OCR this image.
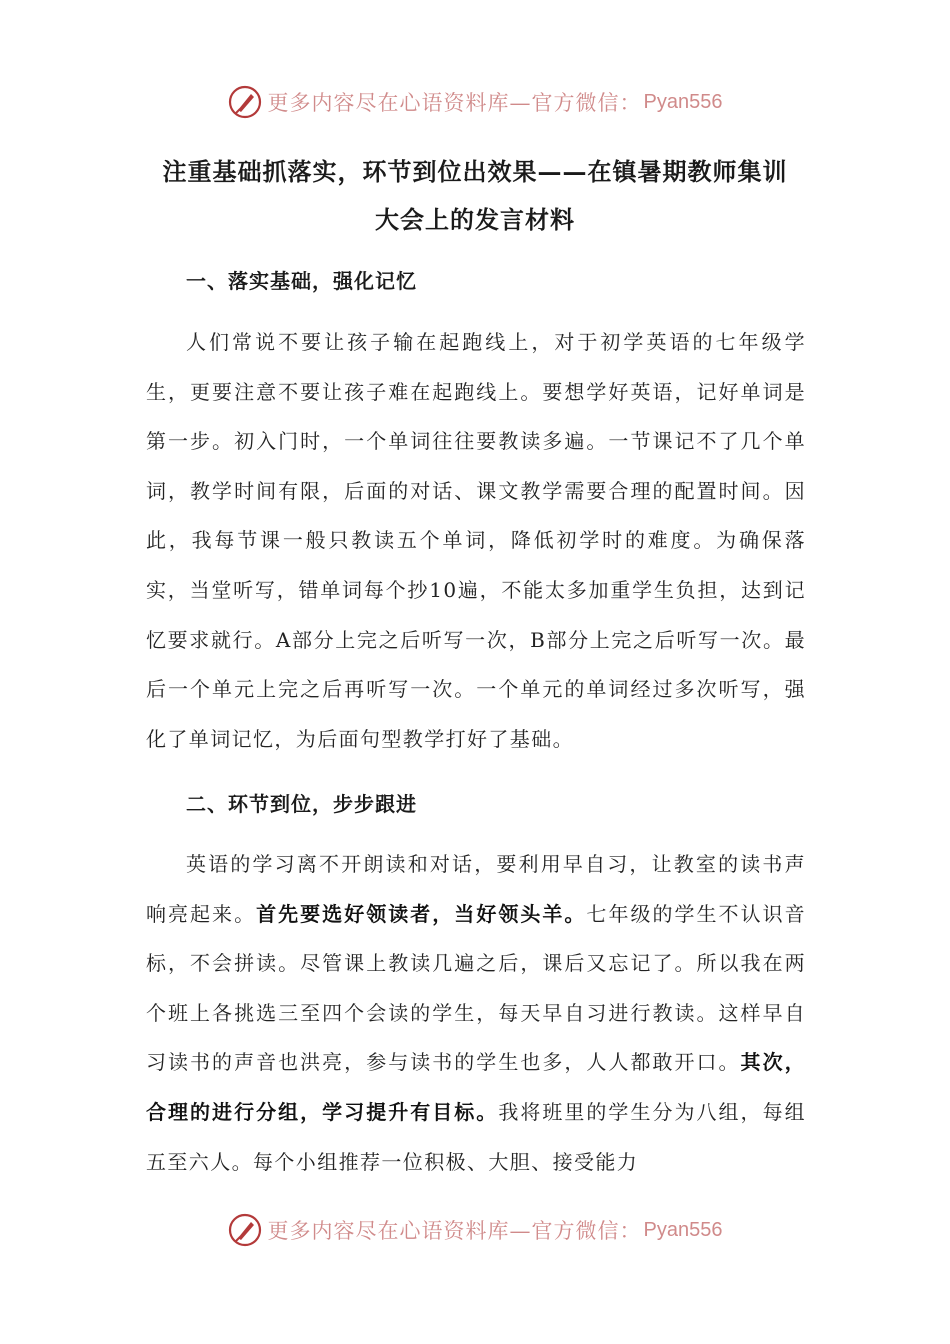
更多内容尽在心语资料库—官方微信： Pyan556
注重基础抓落实，环节到位出效果——在镇暑期教师集训
大会上的发言材料
一、落实基础，强化记忆

人们常说不要让孩子输在起跑线上，对于初学英语的七年级学生，更要注意不要让孩子难在起跑线上。要想学好英语，记好单词是第一步。初入门时，一个单词往往要教读多遍。一节课记不了几个单词，教学时间有限，后面的对话、课文教学需要合理的配置时间。因此，我每节课一般只教读五个单词，降低初学时的难度。为确保落实，当堂听写，错单词每个抄10遍，不能太多加重学生负担，达到记忆要求就行。A部分上完之后听写一次，B部分上完之后听写一次。最后一个单元上完之后再听写一次。一个单元的单词经过多次听写，强化了单词记忆，为后面句型教学打好了基础。

二、环节到位，步步跟进

英语的学习离不开朗读和对话，要利用早自习，让教室的读书声响亮起来。首先要选好领读者，当好领头羊。七年级的学生不认识音标，不会拼读。尽管课上教读几遍之后，课后又忘记了。所以我在两个班上各挑选三至四个会读的学生，每天早自习进行教读。这样早自习读书的声音也洪亮，参与读书的学生也多，人人都敢开口。其次，合理的进行分组，学习提升有目标。我将班里的学生分为八组，每组五至六人。每个小组推荐一位积极、大胆、接受能力

更多内容尽在心语资料库—官方微信： Pyan556
